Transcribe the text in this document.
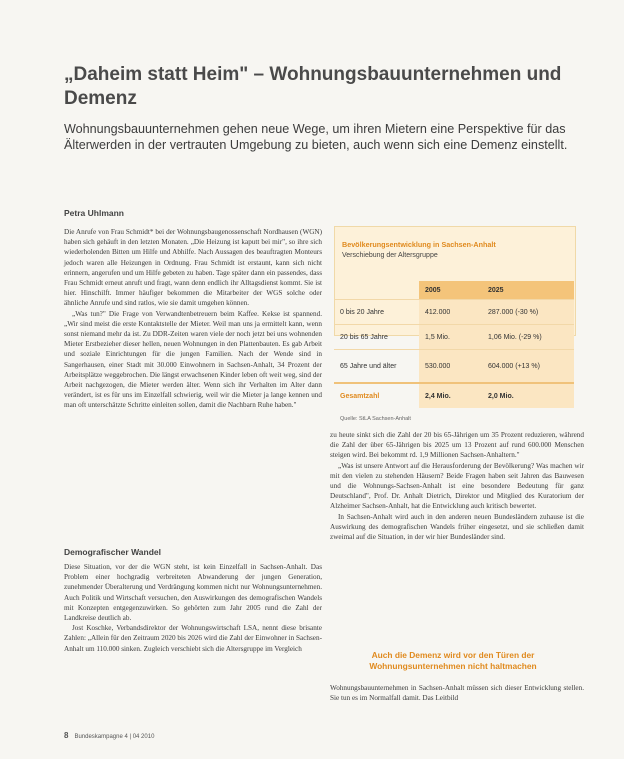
„Daheim statt Heim" – Wohnungsbauunternehmen und Demenz

Wohnungsbauunternehmen gehen neue Wege, um ihren Mietern eine Perspektive für das Älterwerden in der vertrauten Umgebung zu bieten, auch wenn sich eine Demenz einstellt.

Petra Uhlmann

Die Anrufe von Frau Schmidt* bei der Wohnungsbaugenossenschaft Nordhausen (WGN) haben sich gehäuft in den letzten Monaten. „Die Heizung ist kaputt bei mir", so ihre sich wiederholenden Bitten um Hilfe und Abhilfe. Nach Aussagen des beauftragten Monteurs jedoch waren alle Heizungen in Ordnung. Frau Schmidt ist erstaunt, kann sich nicht erinnern, angerufen und um Hilfe gebeten zu haben. Tage später dann ein passendes, dass Frau Schmidt erneut anruft und fragt, wann denn endlich ihr Alltagsdienst kommt. Sie ist hier. Hinschilft. Immer häufiger bekommen die Mitarbeiter der WGS solche oder ähnliche Anrufe und sind ratlos, wie sie damit umgehen können.

„Was tun?" Die Frage von Verwandtenbetreuern beim Kaffee. Kekse ist spannend. „Wir sind meist die erste Kontaktstelle der Mieter. Weil man uns ja ermittelt kann, wenn sonst niemand mehr da ist. Zu DDR-Zeiten waren viele der noch jetzt bei uns wohnenden Mieter Erstbezieher dieser hellen, neuen Wohnungen in den Plattenbauten. Es gab Arbeit und soziale Einrichtungen für die jungen Familien. Nach der Wende sind in Sangerhausen, einer Stadt mit 30.000 Einwohnern in Sachsen-Anhalt, 34 Prozent der Arbeitsplätze weggebrochen. Die längst erwachsenen Kinder leben oft weit weg, sind der Arbeit nachgezogen, die Mieter werden älter. Wenn sich ihr Verhalten im Alter dann verändert, ist es für uns im Einzelfall schwierig, weil wir die Mieter ja lange kennen und man oft unterschätzte Schritte einleiten sollen, damit die Nachbarn Ruhe haben."

Demografischer Wandel

Diese Situation, vor der die WGN steht, ist kein Einzelfall in Sachsen-Anhalt. Das Problem einer hochgradig verbreiteten Abwanderung der jungen Generation, zunehmender Überalterung und Verdrängung kommen nicht nur Wohnungsunternehmen. Auch Politik und Wirtschaft versuchen, den Auswirkungen des demografischen Wandels mit Konzepten entgegenzuwirken. So gehörten zum Jahr 2005 rund die Zahl der Landkreise deutlich ab.

Jost Koschke, Verbandsdirektor der Wohnungswirtschaft LSA, nennt diese brisante Zahlen: „Allein für den Zeitraum 2020 bis 2026 wird die Zahl der Einwohner in Sachsen-Anhalt um 110.000 sinken. Zugleich verschiebt sich die Altersgruppe im Vergleich

Bevölkerungsentwicklung in Sachsen-Anhalt
Verschiebung der Altersgruppe
	2005	2025
0 bis 20 Jahre	412.000	287.000 (-30 %)
20 bis 65 Jahre	1,5 Mio.	1,06 Mio. (-29 %)
65 Jahre und älter	530.000	604.000 (+13 %)
Gesamtzahl	2,4 Mio.	2,0 Mio.
Quelle: StLA Sachsen-Anhalt

zu heute sinkt sich die Zahl der 20 bis 65-Jährigen um 35 Prozent reduzieren, während die Zahl der über 65-Jährigen bis 2025 um 13 Prozent auf rund 600.000 Menschen steigen wird. Bei bekommt rd. 1,9 Millionen Sachsen-Anhaltern."

„Was ist unsere Antwort auf die Herausforderung der Bevölkerung? Was machen wir mit den vielen zu stehenden Häusern? Beide Fragen haben seit Jahren das Bauwesen und die Wohnungs-Sachsen-Anhalt ist eine besondere Bedeutung für ganz Deutschland", Prof. Dr. Anhalt Dietrich, Direktor und Mitglied des Kuratorium der Alzheimer Sachsen-Anhalt, hat die Entwicklung auch kritisch bewertet.

In Sachsen-Anhalt wird auch in den anderen neuen Bundesländern zuhause ist die Auswirkung des demografischen Wandels früher eingesetzt, und sie schließen damit zweimal auf die Situation, in der wir hier Bundesländer sind.

Auch die Demenz wird vor den Türen der Wohnungsunternehmen nicht haltmachen

Wohnungsbauunternehmen in Sachsen-Anhalt müssen sich dieser Entwicklung stellen. Sie tun es im Normalfall damit. Das Leitbild

8 Bundeskampagne 4 | 04 2010
